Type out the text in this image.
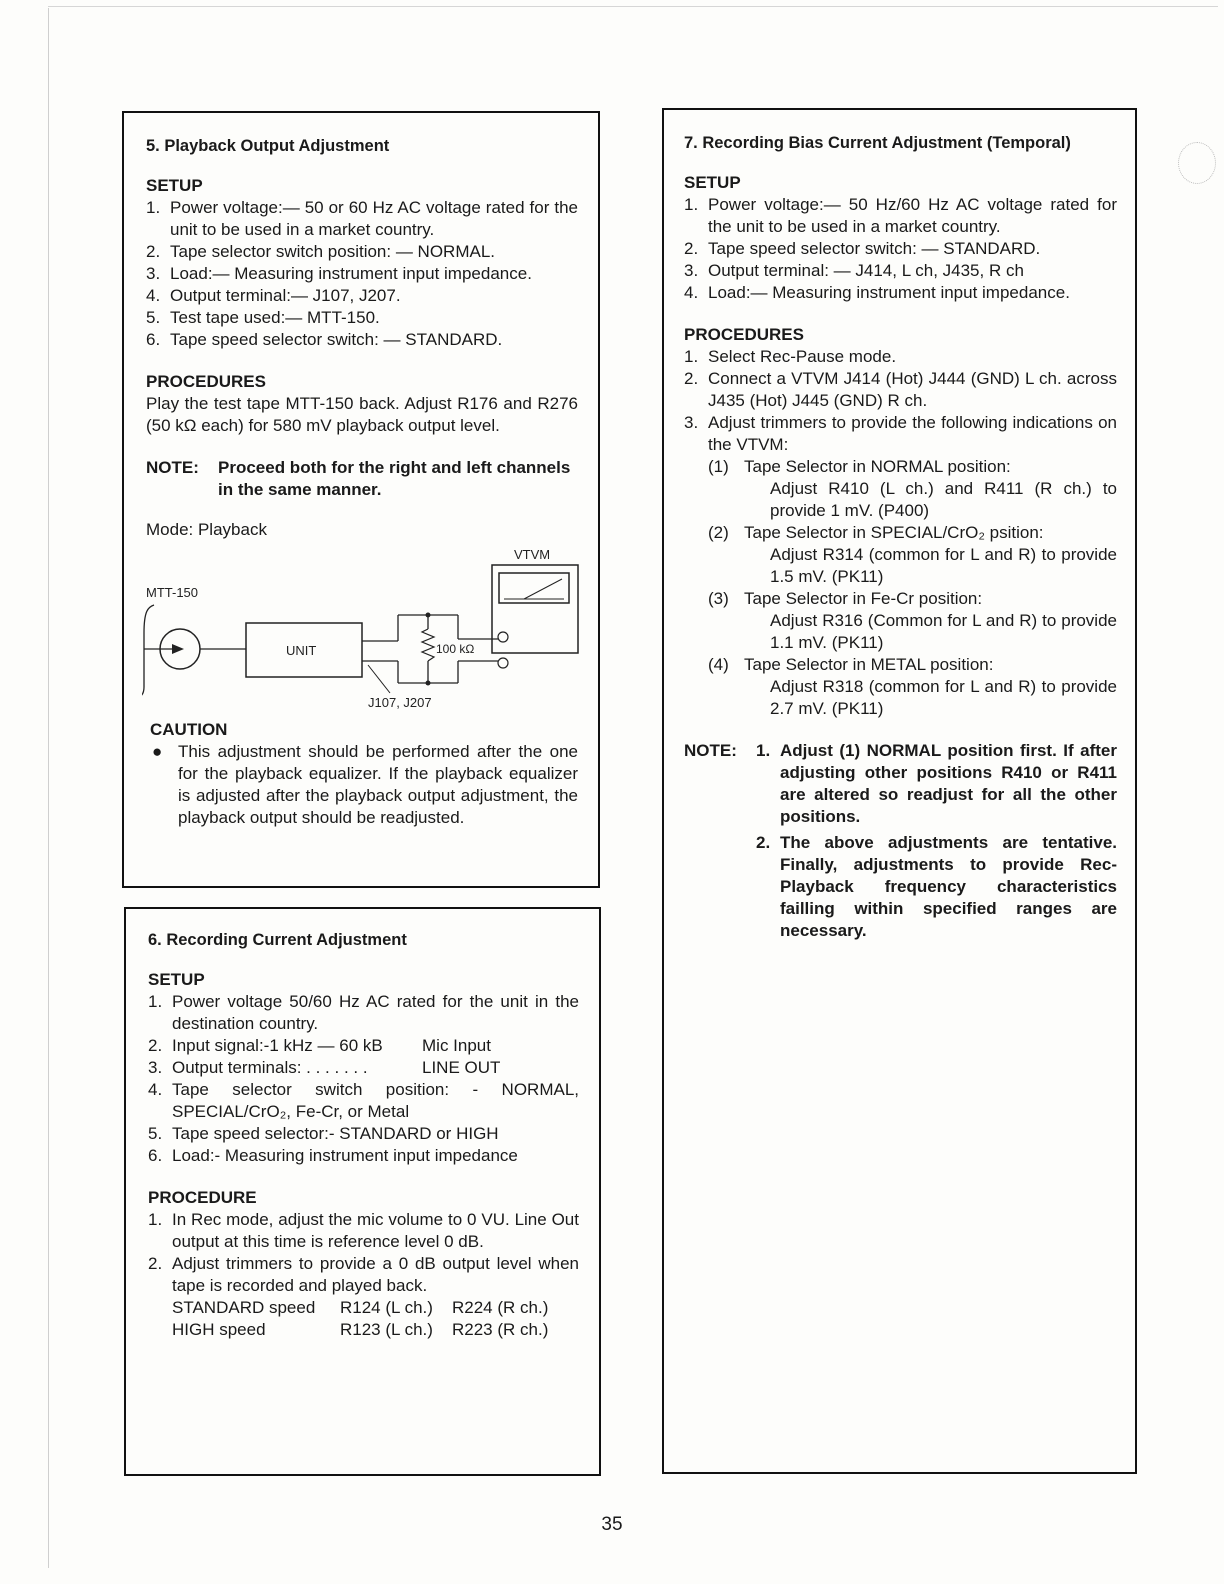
5. Playback Output Adjustment
SETUP
1. Power voltage:— 50 or 60 Hz AC voltage rated for the unit to be used in a market country.
2. Tape selector switch position: — NORMAL.
3. Load:— Measuring instrument input impedance.
4. Output terminal:— J107, J207.
5. Test tape used:— MTT-150.
6. Tape speed selector switch: — STANDARD.
PROCEDURES

Play the test tape MTT-150 back. Adjust R176 and R276 (50 kΩ each) for 580 mV playback output level.

NOTE: Proceed both for the right and left channels in the same manner.
Mode: Playback
VTVM
MTT-150
UNIT	100 kΩ
J107, J207
CAUTION
● This adjustment should be performed after the one for the playback equalizer. If the playback equalizer is adjusted after the playback output adjustment, the playback output should be readjusted.
6. Recording Current Adjustment
SETUP
1. Power voltage 50/60 Hz AC rated for the unit in the destination country.
2. Input signal:-1 kHz — 60 kB Mic Input
3. Output terminals: . . . . . . .	LINE OUT
4. Tape selector switch position: - NORMAL, SPECIAL/CrO₂, Fe-Cr, or Metal
5. Tape speed selector:- STANDARD or HIGH
6. Load:- Measuring instrument input impedance
PROCEDURE
1. In Rec mode, adjust the mic volume to 0 VU. Line Out output at this time is reference level 0 dB.
2. Adjust trimmers to provide a 0 dB output level when tape is recorded and played back.
STANDARD speed R124 (L ch.) R224 (R ch.)
HIGH speed	R123 (L ch.) R223 (R ch.)
7. Recording Bias Current Adjustment (Temporal)
SETUP
1. Power voltage:— 50 Hz/60 Hz AC voltage rated for the unit to be used in a market country.
2. Tape speed selector switch: — STANDARD.
3. Output terminal: — J414, L ch, J435, R ch
4. Load:— Measuring instrument input impedance.
PROCEDURES
1. Select Rec-Pause mode.
2. Connect a VTVM J414 (Hot) J444 (GND) L ch. across J435 (Hot) J445 (GND) R ch.
3. Adjust trimmers to provide the following indications on the VTVM:
(1) Tape Selector in NORMAL position:
Adjust R410 (L ch.) and R411 (R ch.) to provide 1 mV. (P400)
(2) Tape Selector in SPECIAL/CrO₂ psition:
Adjust R314 (common for L and R) to provide 1.5 mV. (PK11)
(3) Tape Selector in Fe-Cr position:
Adjust R316 (Common for L and R) to provide 1.1 mV. (PK11)
(4) Tape Selector in METAL position:
Adjust R318 (common for L and R) to provide 2.7 mV. (PK11)
NOTE: 1. Adjust (1) NORMAL position first. If after adjusting other positions R410 or R411 are altered so readjust for all the other positions.
2. The above adjustments are tentative. Finally, adjustments to provide Rec-Playback frequency characteristics failling within specified ranges are necessary.
35
